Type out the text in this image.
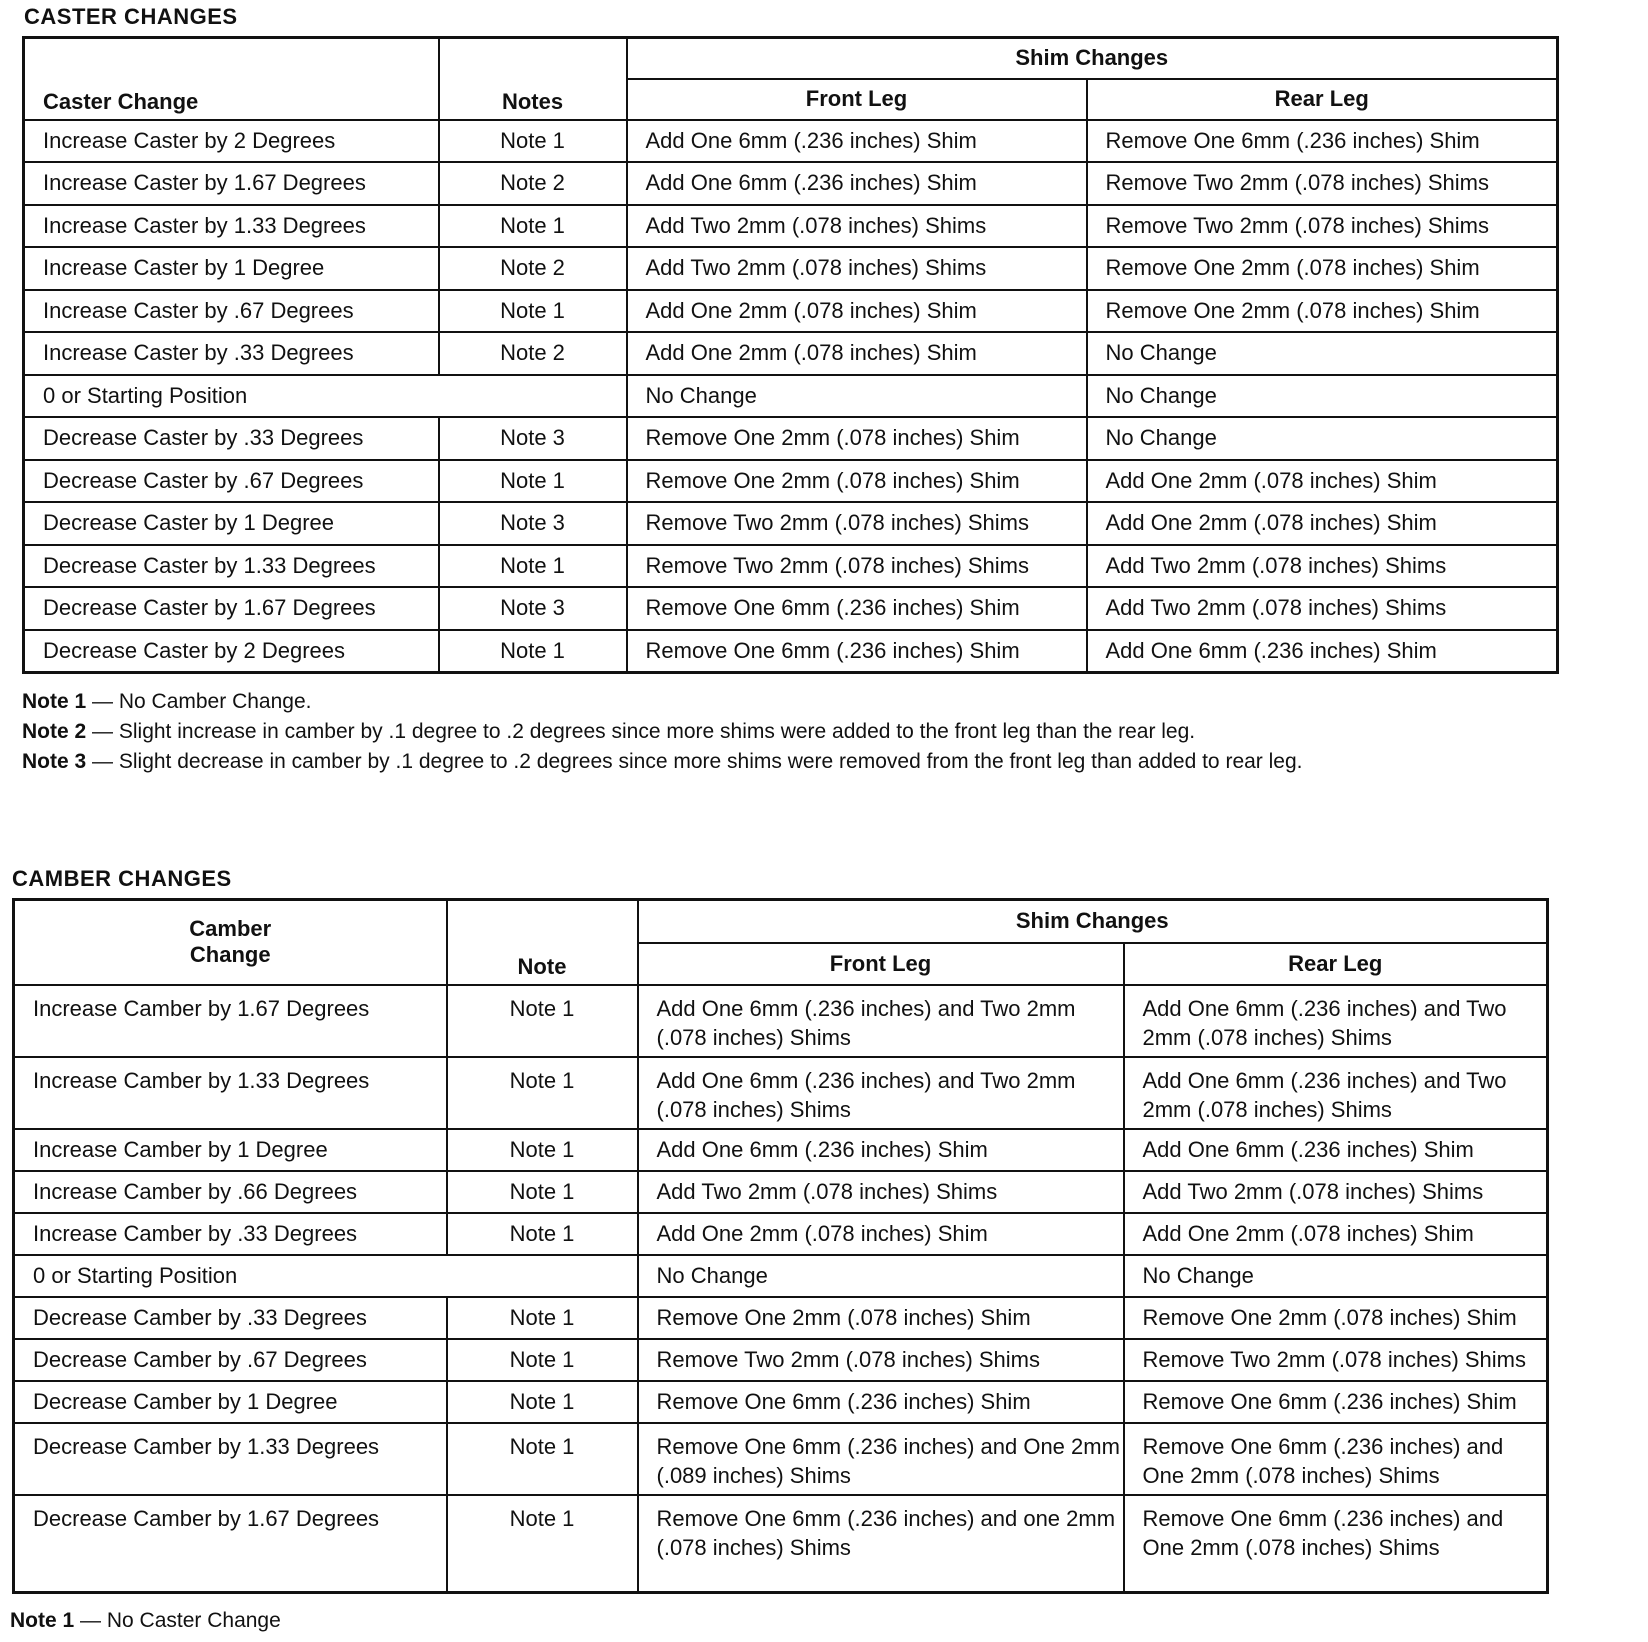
CASTER CHANGES
Caster Change	Notes	Shim Changes	
		Front Leg	Rear Leg
Increase Caster by 2 Degrees	Note 1	Add One 6mm (.236 inches) Shim	Remove One 6mm (.236 inches) Shim
Increase Caster by 1.67 Degrees	Note 2	Add One 6mm (.236 inches) Shim	Remove Two 2mm (.078 inches) Shims
Increase Caster by 1.33 Degrees	Note 1	Add Two 2mm (.078 inches) Shims	Remove Two 2mm (.078 inches) Shims
Increase Caster by 1 Degree	Note 2	Add Two 2mm (.078 inches) Shims	Remove One 2mm (.078 inches) Shim
Increase Caster by .67 Degrees	Note 1	Add One 2mm (.078 inches) Shim	Remove One 2mm (.078 inches) Shim
Increase Caster by .33 Degrees	Note 2	Add One 2mm (.078 inches) Shim	No Change
0 or Starting Position		No Change	No Change
Decrease Caster by .33 Degrees	Note 3	Remove One 2mm (.078 inches) Shim	No Change
Decrease Caster by .67 Degrees	Note 1	Remove One 2mm (.078 inches) Shim	Add One 2mm (.078 inches) Shim
Decrease Caster by 1 Degree	Note 3	Remove Two 2mm (.078 inches) Shims	Add One 2mm (.078 inches) Shim
Decrease Caster by 1.33 Degrees	Note 1	Remove Two 2mm (.078 inches) Shims	Add Two 2mm (.078 inches) Shims
Decrease Caster by 1.67 Degrees	Note 3	Remove One 6mm (.236 inches) Shim	Add Two 2mm (.078 inches) Shims
Decrease Caster by 2 Degrees	Note 1	Remove One 6mm (.236 inches) Shim	Add One 6mm (.236 inches) Shim
Note 1 — No Camber Change.
Note 2 — Slight increase in camber by .1 degree to .2 degrees since more shims were added to the front leg than the rear leg.
Note 3 — Slight decrease in camber by .1 degree to .2 degrees since more shims were removed from the front leg than added to rear leg.
CAMBER CHANGES
Camber
Change	Note	Shim Changes	
		Front Leg	Rear Leg
Increase Camber by 1.67 Degrees	Note 1	Add One 6mm (.236 inches) and Two 2mm (.078 inches) Shims	Add One 6mm (.236 inches) and Two 2mm (.078 inches) Shims
Increase Camber by 1.33 Degrees	Note 1	Add One 6mm (.236 inches) and Two 2mm (.078 inches) Shims	Add One 6mm (.236 inches) and Two 2mm (.078 inches) Shims
Increase Camber by 1 Degree	Note 1	Add One 6mm (.236 inches) Shim	Add One 6mm (.236 inches) Shim
Increase Camber by .66 Degrees	Note 1	Add Two 2mm (.078 inches) Shims	Add Two 2mm (.078 inches) Shims
Increase Camber by .33 Degrees	Note 1	Add One 2mm (.078 inches) Shim	Add One 2mm (.078 inches) Shim
0 or Starting Position		No Change	No Change
Decrease Camber by .33 Degrees	Note 1	Remove One 2mm (.078 inches) Shim	Remove One 2mm (.078 inches) Shim
Decrease Camber by .67 Degrees	Note 1	Remove Two 2mm (.078 inches) Shims	Remove Two 2mm (.078 inches) Shims
Decrease Camber by 1 Degree	Note 1	Remove One 6mm (.236 inches) Shim	Remove One 6mm (.236 inches) Shim
Decrease Camber by 1.33 Degrees	Note 1	Remove One 6mm (.236 inches) and One 2mm (.089 inches) Shims	Remove One 6mm (.236 inches) and One 2mm (.078 inches) Shims
Decrease Camber by 1.67 Degrees	Note 1	Remove One 6mm (.236 inches) and one 2mm (.078 inches) Shims	Remove One 6mm (.236 inches) and One 2mm (.078 inches) Shims
Note 1 — No Caster Change
